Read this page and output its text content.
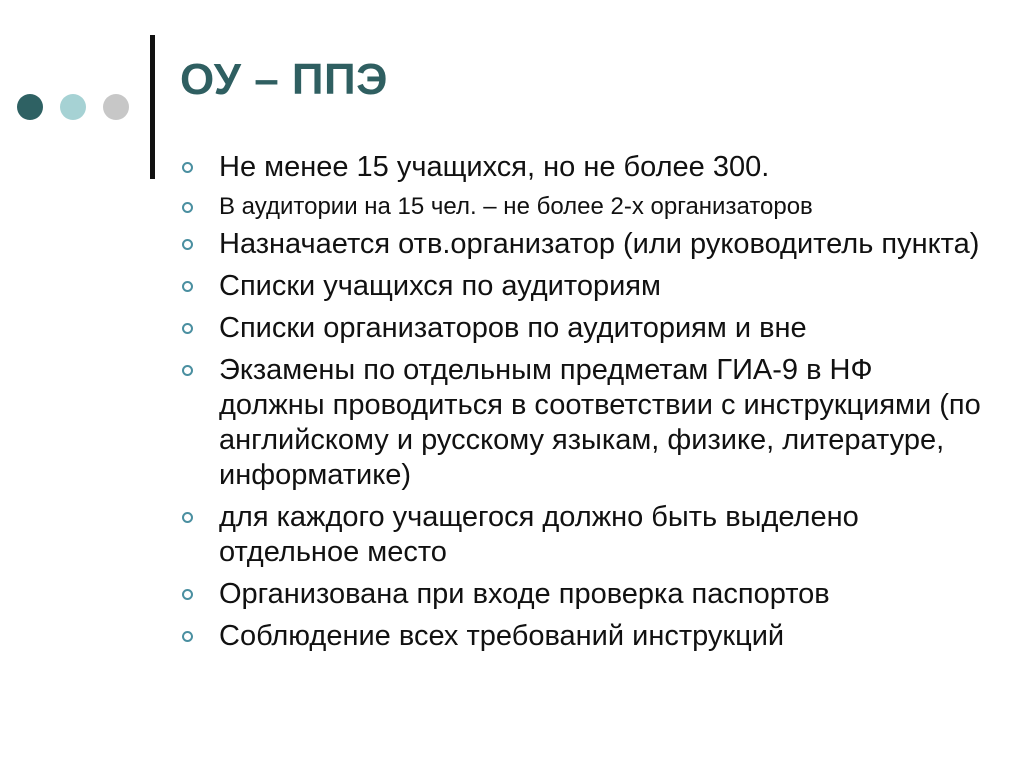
ОУ – ППЭ
Не менее 15 учащихся, но не более 300.
В аудитории на 15 чел. – не более 2-х организаторов
Назначается отв.организатор (или руководитель пункта)
Списки учащихся по аудиториям
Списки организаторов по аудиториям и вне
Экзамены по отдельным предметам ГИА-9 в НФ должны проводиться в соответствии с инструкциями (по английскому и русскому языкам, физике, литературе, информатике)
для каждого учащегося должно быть выделено отдельное место
Организована при входе проверка паспортов
Соблюдение всех требований инструкций
